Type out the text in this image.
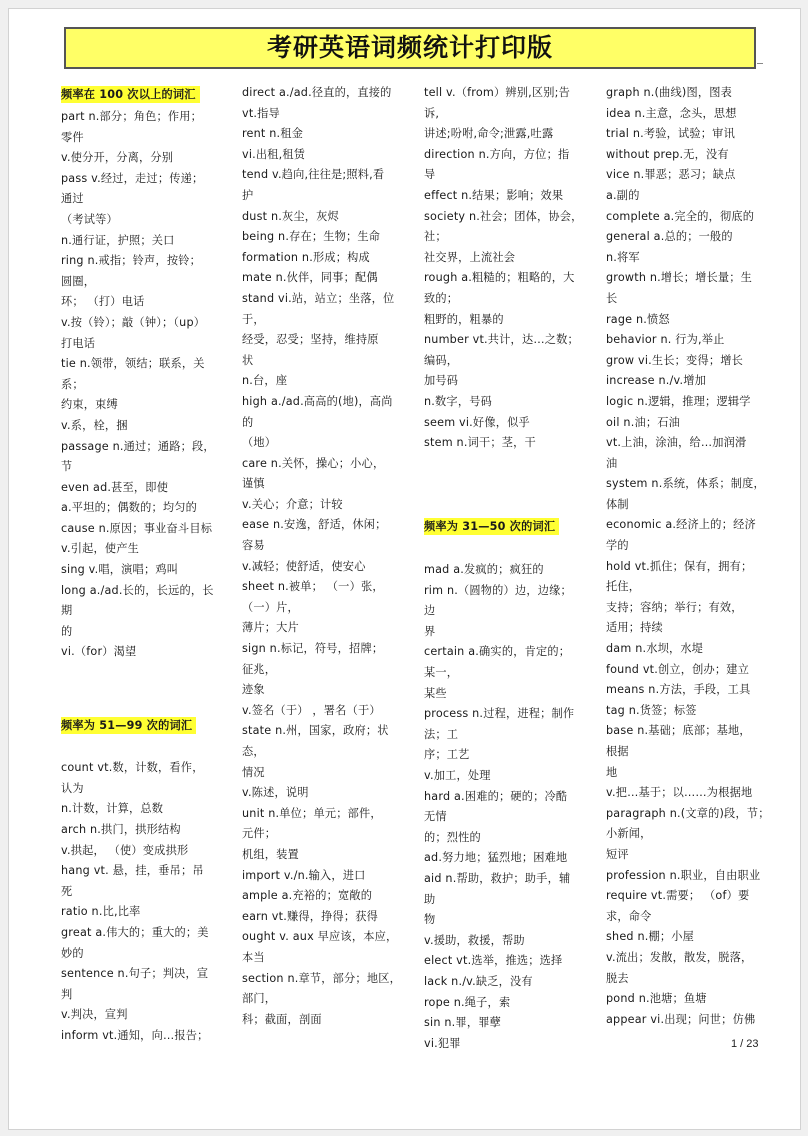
考研英语词频统计打印版
频率在 100 次以上的词汇
part n.部分；角色；作用；
零件
v.使分开，分离，分别
pass v.经过，走过；传递；
通过
（考试等）
n.通行证，护照；关口
ring n.戒指；铃声，按铃；
圆圈，
环； （打）电话
v.按（铃）；敲（钟）；（up）
打电话
tie n.领带，领结；联系，关
系；
约束，束缚
v.系，栓，捆
passage n.通过；通路；段，
节
even ad.甚至，即使
a.平坦的；偶数的；均匀的
cause n.原因；事业奋斗目标
v.引起，使产生
sing v.唱，演唱；鸡叫
long a./ad.长的，长远的，长
期
的
vi.（for）渴望
频率为 51—99 次的词汇
count vt.数，计数，看作，
认为
n.计数，计算，总数
arch n.拱门，拱形结构
v.拱起， （使）变成拱形
hang vt. 悬，挂，垂吊；吊
死
ratio n.比,比率
great a.伟大的；重大的；美
妙的
sentence n.句子；判决，宣
判
v.判决，宣判
inform vt.通知，向…报告；
direct a./ad.径直的，直接的
vt.指导
rent n.租金
vi.出租,租赁
tend v.趋向,往往是;照料,看
护
dust n.灰尘，灰烬
being n.存在；生物；生命
formation n.形成；构成
mate n.伙伴，同事；配偶
stand vi.站，站立；坐落，位
于，
经受，忍受；坚持，维持原
状
n.台，座
high a./ad.高高的(地)，高尚
的
（地）
care n.关怀，操心；小心，
谨慎
v.关心；介意；计较
ease n.安逸，舒适，休闲；
容易
v.减轻；使舒适，使安心
sheet n.被单； （一）张，
（一）片，
薄片；大片
sign n.标记，符号，招牌；
征兆，
迹象
v.签名（于） ，署名（于）
state n.州，国家，政府；状
态，
情况
v.陈述，说明
unit n.单位；单元；部件，
元件；
机组，装置
import v./n.输入，进口
ample a.充裕的；宽敞的
earn vt.赚得，挣得；获得
ought v. aux 早应该，本应，
本当
section n.章节，部分；地区，
部门，
科；截面，剖面
tell v.（from）辨别,区别;告
诉,
讲述;吩咐,命令;泄露,吐露
direction n.方向，方位；指
导
effect n.结果；影响；效果
society n.社会；团体，协会，
社；
社交界，上流社会
rough a.粗糙的；粗略的，大
致的；
粗野的，粗暴的
number vt.共计，达…之数；
编码，
加号码
n.数字，号码
seem vi.好像，似乎
stem n.词干；茎，干
频率为 31—50 次的词汇
mad a.发疯的；疯狂的
rim n.（圆物的）边，边缘；
边
界
certain a.确实的，肯定的；
某一，
某些
process n.过程，进程；制作
法；工
序；工艺
v.加工，处理
hard a.困难的；硬的；冷酷
无情
的；烈性的
ad.努力地；猛烈地；困难地
aid n.帮助，救护；助手，辅
助
物
v.援助，救援，帮助
elect vt.选举，推选；选择
lack n./v.缺乏，没有
rope n.绳子，索
sin n.罪，罪孽
vi.犯罪
graph n.(曲线)图，图表
idea n.主意，念头，思想
trial n.考验，试验；审讯
without prep.无，没有
vice n.罪恶；恶习；缺点
a.副的
complete a.完全的，彻底的
general a.总的；一般的
n.将军
growth n.增长；增长量；生
长
rage n.愤怒
behavior n. 行为,举止
grow vi.生长；变得；增长
increase n./v.增加
logic n.逻辑，推理；逻辑学
oil n.油；石油
vt.上油，涂油，给…加润滑
油
system n.系统，体系；制度，
体制
economic a.经济上的；经济
学的
hold vt.抓住；保有，拥有；
托住，
支持；容纳；举行；有效，
适用；持续
dam n.水坝，水堤
found vt.创立，创办；建立
means n.方法，手段，工具
tag n.货签；标签
base n.基础；底部；基地，
根据
地
v.把…基于；以……为根据地
paragraph n.(文章的)段，节；
小新闻，
短评
profession n.职业，自由职业
require vt.需要； （of）要
求，命令
shed n.棚；小屋
v.流出；发散，散发，脱落，
脱去
pond n.池塘；鱼塘
appear vi.出现；问世；仿佛
1 / 23
